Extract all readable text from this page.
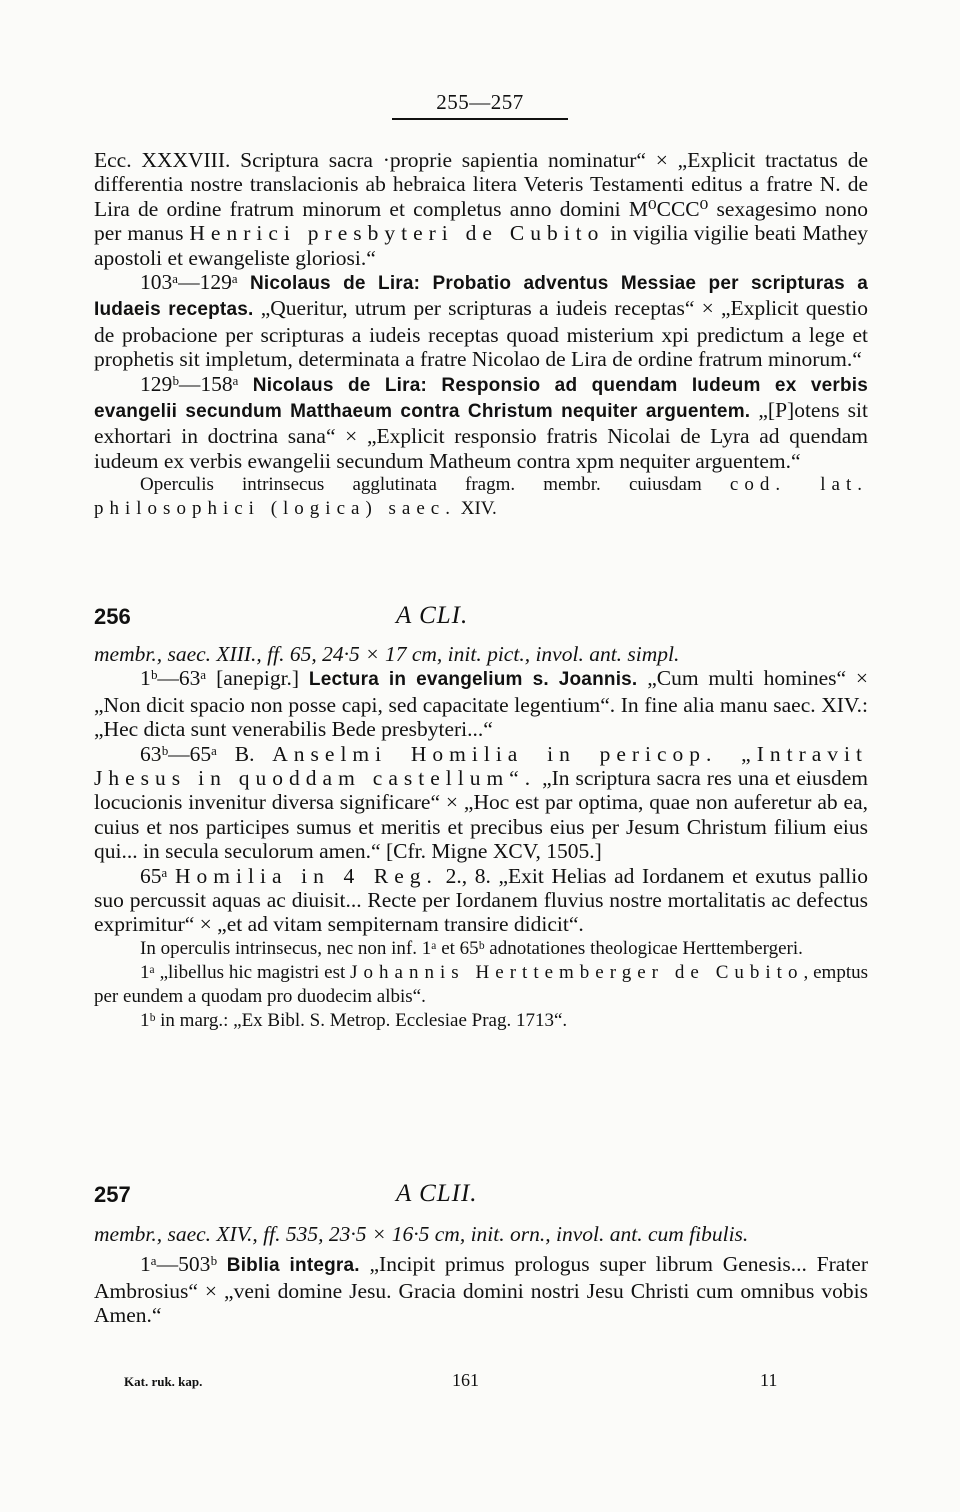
255—257

Ecc. XXXVIII. Scriptura sacra ·proprie sapientia nominatur“ × „Explicit tractatus de differentia nostre translacionis ab hebraica litera Veteris Testamenti editus a fratre N. de Lira de ordine fratrum minorum et completus anno domini M⁰CCC⁰ sexagesimo nono per manus Henrici presbyteri de Cubito in vigilia vigilie beati Mathey apostoli et ewangeliste gloriosi.“

103ᵃ—129ᵃ Nicolaus de Lira: Probatio adventus Messiae per scripturas a Iudaeis receptas. „Queritur, utrum per scripturas a iudeis receptas“ × „Explicit questio de probacione per scripturas a iudeis receptas quoad misterium xpi predictum a lege et prophetis sit impletum, determinata a fratre Nicolao de Lira de ordine fratrum minorum.“

129ᵇ—158ᵃ Nicolaus de Lira: Responsio ad quendam Iudeum ex verbis evangelii secundum Matthaeum contra Christum nequiter arguentem. „[P]otens sit exhortari in doctrina sana“ × „Explicit responsio fratris Nicolai de Lyra ad quendam iudeum ex verbis ewangelii secundum Matheum contra xpm nequiter arguentem.“

Operculis intrinsecus agglutinata fragm. membr. cuiusdam cod. lat. philosophici (logica) saec. XIV.

256	A CLI.

membr., saec. XIII., ff. 65, 24·5 × 17 cm, init. pict., invol. ant. simpl.

1ᵇ—63ᵃ [anepigr.] Lectura in evangelium s. Joannis. „Cum multi homines“ × „Non dicit spacio non posse capi, sed capacitate legentium“. In fine alia manu saec. XIV.: „Hec dicta sunt venerabilis Bede presbyteri...“

63ᵇ—65ᵃ B. Anselmi Homilia in pericop. „Intravit Jhesus in quoddam castellum“. „In scriptura sacra res una et eiusdem locucionis invenitur diversa significare“ × „Hoc est par optima, quae non auferetur ab ea, cuius et nos participes sumus et meritis et precibus eius per Jesum Christum filium eius qui... in secula seculorum amen.“ [Cfr. Migne XCV, 1505.]

65ᵃ Homilia in 4 Reg. 2., 8. „Exit Helias ad Iordanem et exutus pallio suo percussit aquas ac diuisit... Recte per Iordanem fluvius nostre mortalitatis ac defectus exprimitur“ × „et ad vitam sempiternam transire didicit“.

In operculis intrinsecus, nec non inf. 1ᵃ et 65ᵇ adnotationes theologicae Herttembergeri.

1ᵃ „libellus hic magistri est Johannis Herttemberger de Cubito, emptus per eundem a quodam pro duodecim albis“.

1ᵇ in marg.: „Ex Bibl. S. Metrop. Ecclesiae Prag. 1713“.

257	A CLII.

membr., saec. XIV., ff. 535, 23·5 × 16·5 cm, init. orn., invol. ant. cum fibulis.

1ᵃ—503ᵇ Biblia integra. „Incipit primus prologus super librum Genesis... Frater Ambrosius“ × „veni domine Jesu. Gracia domini nostri Jesu Christi cum omnibus vobis Amen.“

Kat. ruk. kap.	161	11
